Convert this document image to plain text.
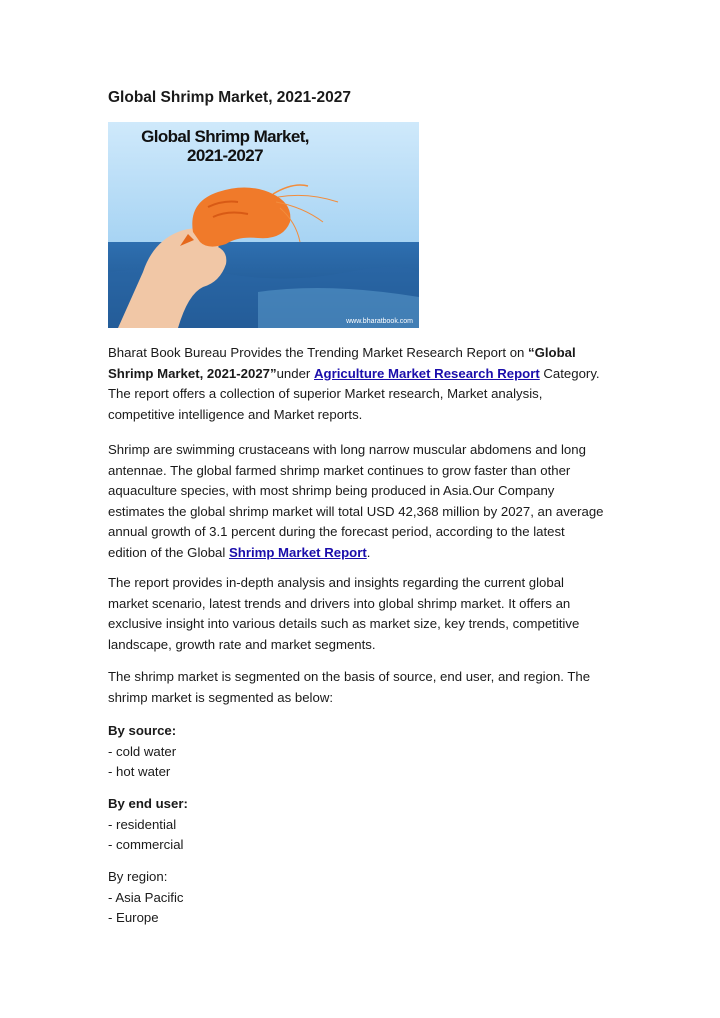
Global Shrimp Market, 2021-2027
Global Shrimp Market,
2021-2027
www.bharatbook.com
Bharat Book Bureau Provides the Trending Market Research Report on “Global
Shrimp Market, 2021-2027”under Agriculture Market Research Report Category.
The report offers a collection of superior Market research, Market analysis,
competitive intelligence and Market reports.
Shrimp are swimming crustaceans with long narrow muscular abdomens and long
antennae. The global farmed shrimp market continues to grow faster than other
aquaculture species, with most shrimp being produced in Asia.Our Company
estimates the global shrimp market will total USD 42,368 million by 2027, an average
annual growth of 3.1 percent during the forecast period, according to the latest
edition of the Global Shrimp Market Report.
The report provides in-depth analysis and insights regarding the current global
market scenario, latest trends and drivers into global shrimp market. It offers an
exclusive insight into various details such as market size, key trends, competitive
landscape, growth rate and market segments.
The shrimp market is segmented on the basis of source, end user, and region. The
shrimp market is segmented as below:
By source:
- cold water
- hot water
By end user:
- residential
- commercial
By region:
- Asia Pacific
- Europe
